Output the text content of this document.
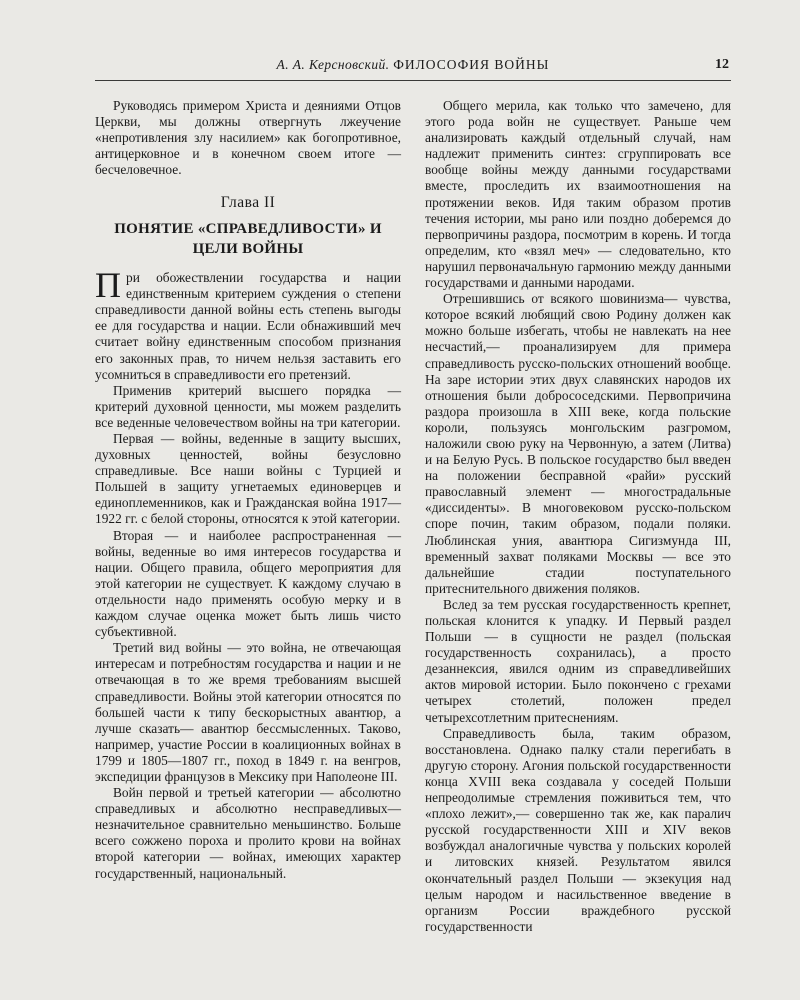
А. А. Керсновский. ФИЛОСОФИЯ ВОЙНЫ	12

Руководясь примером Христа и деяниями Отцов Церкви, мы должны отвергнуть лжеучение «непротивления злу насилием» как богопротивное, антицерковное и в конечном своем итоге — бесчеловечное.

Глава II

ПОНЯТИЕ «СПРАВЕДЛИВОСТИ» И ЦЕЛИ ВОЙНЫ

При обожествлении государства и нации единственным критерием суждения о степени справедливости данной войны есть степень выгоды ее для государства и нации. Если обнаживший меч считает войну единственным способом признания его законных прав, то ничем нельзя заставить его усомниться в справедливости его претензий.

Применив критерий высшего порядка — критерий духовной ценности, мы можем разделить все веденные человечеством войны на три категории.

Первая — войны, веденные в защиту высших, духовных ценностей, войны безусловно справедливые. Все наши войны с Турцией и Польшей в защиту угнетаемых единоверцев и единоплеменников, как и Гражданская война 1917—1922 гг. с белой стороны, относятся к этой категории.

Вторая — и наиболее распространенная — войны, веденные во имя интересов государства и нации. Общего правила, общего мероприятия для этой категории не существует. К каждому случаю в отдельности надо применять особую мерку и в каждом случае оценка может быть лишь чисто субъективной.

Третий вид войны — это война, не отвечающая интересам и потребностям государства и нации и не отвечающая в то же время требованиям высшей справедливости. Войны этой категории относятся по большей части к типу бескорыстных авантюр, а лучше сказать— авантюр бессмысленных. Таково, например, участие России в коалиционных войнах в 1799 и 1805—1807 гг., поход в 1849 г. на венгров, экспедиции французов в Мексику при Наполеоне III.

Войн первой и третьей категории — абсолютно справедливых и абсолютно несправедливых— незначительное сравнительно меньшинство. Больше всего сожжено пороха и пролито крови на войнах второй категории — войнах, имеющих характер государственный, национальный.

Общего мерила, как только что замечено, для этого рода войн не существует. Раньше чем анализировать каждый отдельный случай, нам надлежит применить синтез: сгруппировать все вообще войны между данными государствами вместе, проследить их взаимоотношения на протяжении веков. Идя таким образом против течения истории, мы рано или поздно доберемся до первопричины раздора, посмотрим в корень. И тогда определим, кто «взял меч» — следовательно, кто нарушил первоначальную гармонию между данными государствами и данными народами.

Отрешившись от всякого шовинизма— чувства, которое всякий любящий свою Родину должен как можно больше избегать, чтобы не навлекать на нее несчастий,— проанализируем для примера справедливость русско-польских отношений вообще. На заре истории этих двух славянских народов их отношения были добрососедскими. Первопричина раздора произошла в XIII веке, когда польские короли, пользуясь монгольским разгромом, наложили свою руку на Червонную, а затем (Литва) и на Белую Русь. В польское государство был введен на положении бесправной «райи» русский православный элемент — многострадальные «диссиденты». В многовековом русско-польском споре почин, таким образом, подали поляки. Люблинская уния, авантюра Сигизмунда III, временный захват поляками Москвы — все это дальнейшие стадии поступательного притеснительного движения поляков.

Вслед за тем русская государственность крепнет, польская клонится к упадку. И Первый раздел Польши — в сущности не раздел (польская государственность сохранилась), а просто дезаннексия, явился одним из справедливейших актов мировой истории. Было покончено с грехами четырех столетий, положен предел четырехсотлетним притеснениям.

Справедливость была, таким образом, восстановлена. Однако палку стали перегибать в другую сторону. Агония польской государственности конца XVIII века создавала у соседей Польши непреодолимые стремления поживиться тем, что «плохо лежит»,— совершенно так же, как паралич русской государственности XIII и XIV веков возбуждал аналогичные чувства у польских королей и литовских князей. Результатом явился окончательный раздел Польши — экзекуция над целым народом и насильственное введение в организм России враждебного русской государственности
